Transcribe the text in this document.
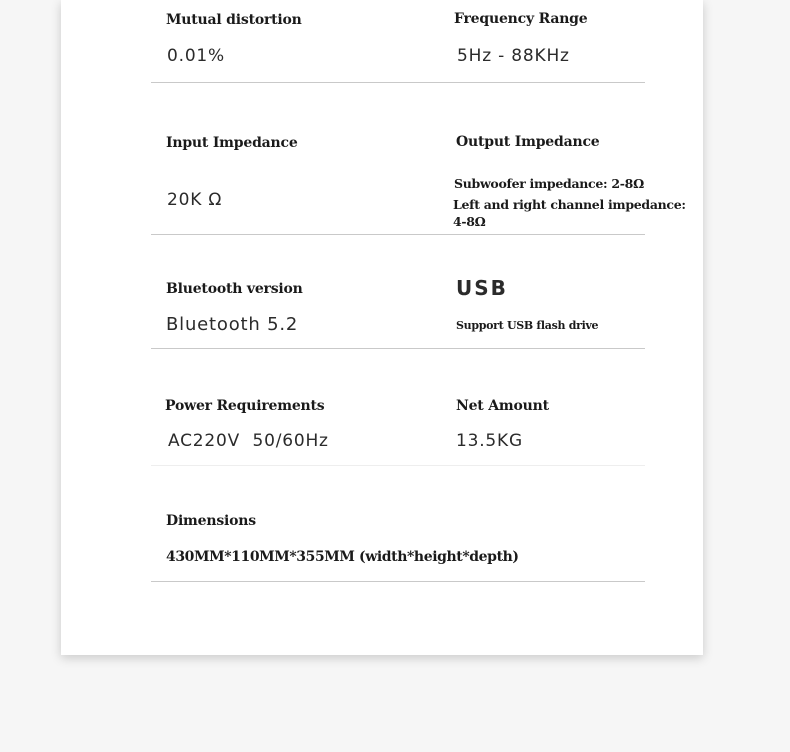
Mutual distortion
0.01%
Frequency Range
5Hz - 88KHz
Input Impedance
20K Ω
Output Impedance
Subwoofer impedance: 2-8Ω
Left and right channel impedance:
4-8Ω
Bluetooth version
Bluetooth 5.2
USB
Support USB flash drive
Power Requirements
AC220V  50/60Hz
Net Amount
13.5KG
Dimensions
430MM*110MM*355MM (width*height*depth)
